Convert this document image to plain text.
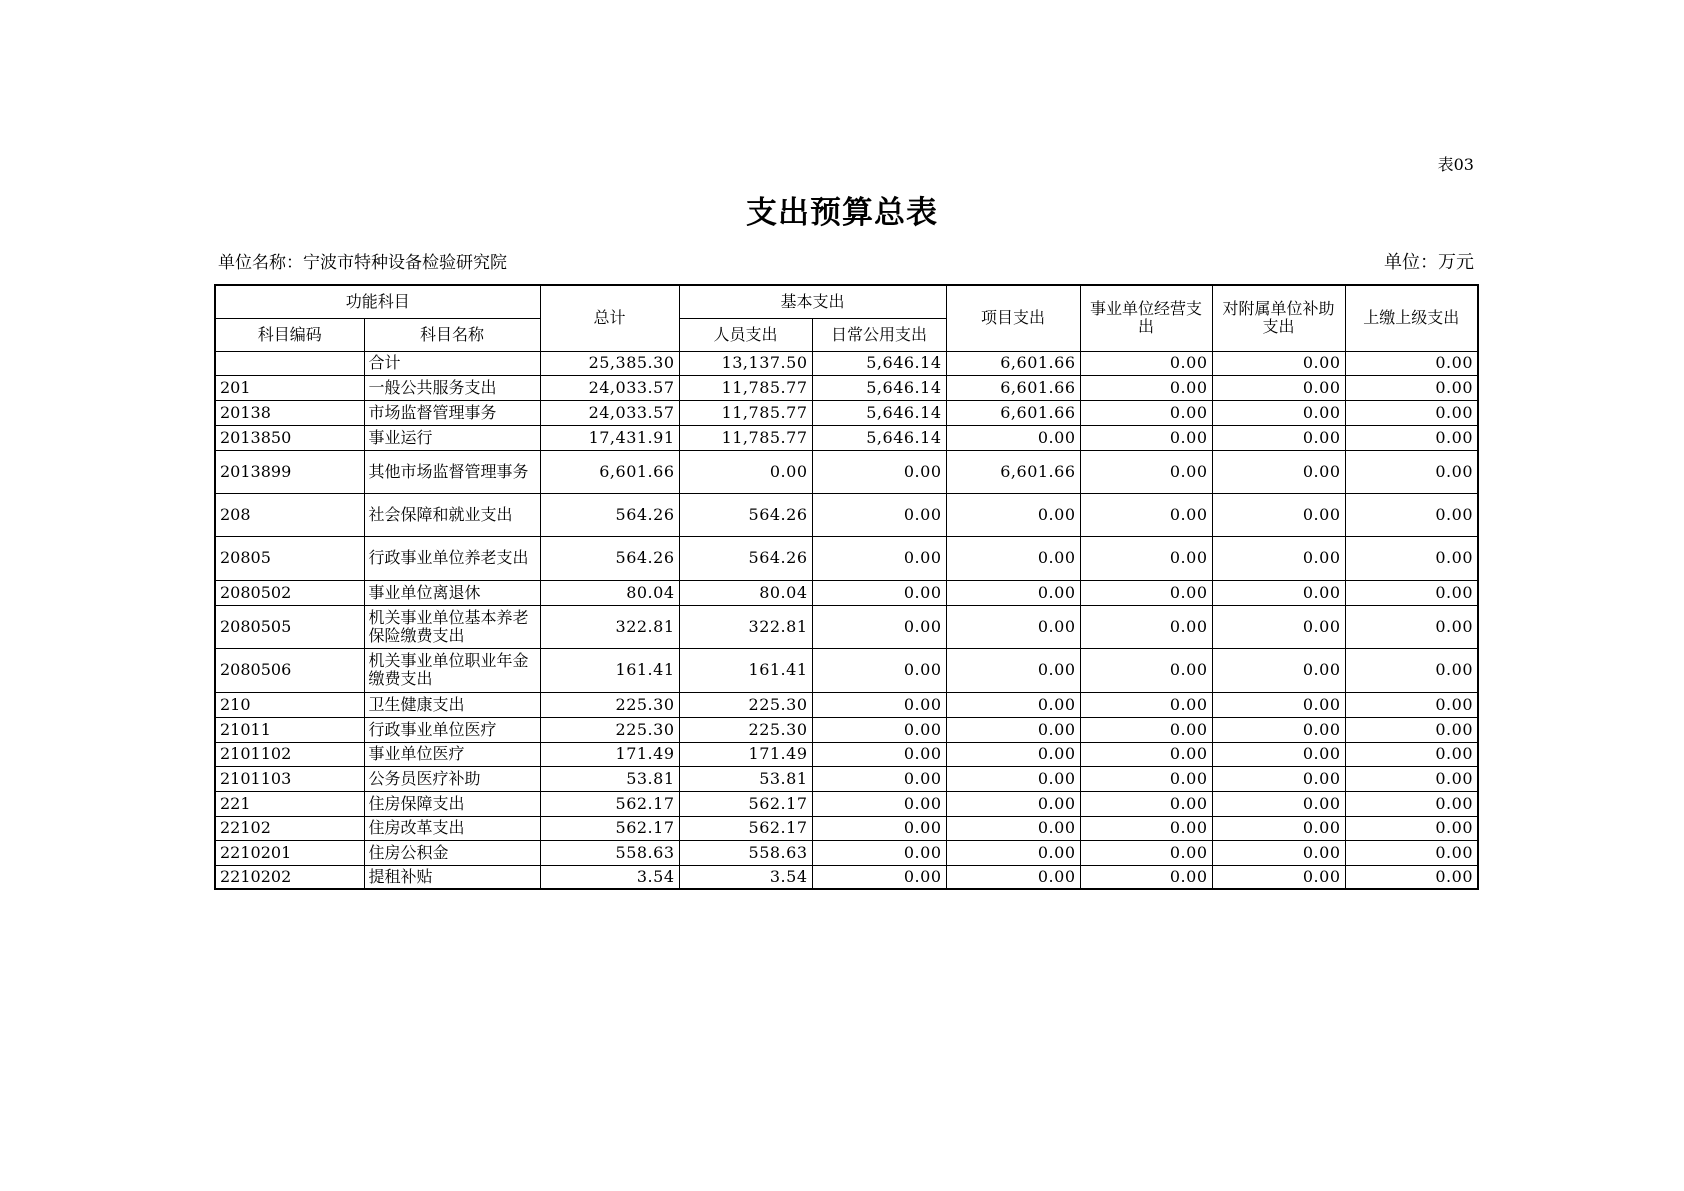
表03
支出预算总表
单位名称：宁波市特种设备检验研究院	单位：万元
功能科目		总计	基本支出		项目支出	事业单位经营支出	对附属单位补助支出	上缴上级支出
科目编码	科目名称		人员支出	日常公用支出				
	合计	25,385.30	13,137.50	5,646.14	6,601.66	0.00	0.00	0.00
201	一般公共服务支出	24,033.57	11,785.77	5,646.14	6,601.66	0.00	0.00	0.00
20138	市场监督管理事务	24,033.57	11,785.77	5,646.14	6,601.66	0.00	0.00	0.00
2013850	事业运行	17,431.91	11,785.77	5,646.14	0.00	0.00	0.00	0.00
2013899	其他市场监督管理事务	6,601.66	0.00	0.00	6,601.66	0.00	0.00	0.00
208	社会保障和就业支出	564.26	564.26	0.00	0.00	0.00	0.00	0.00
20805	行政事业单位养老支出	564.26	564.26	0.00	0.00	0.00	0.00	0.00
2080502	事业单位离退休	80.04	80.04	0.00	0.00	0.00	0.00	0.00
2080505	机关事业单位基本养老保险缴费支出	322.81	322.81	0.00	0.00	0.00	0.00	0.00
2080506	机关事业单位职业年金缴费支出	161.41	161.41	0.00	0.00	0.00	0.00	0.00
210	卫生健康支出	225.30	225.30	0.00	0.00	0.00	0.00	0.00
21011	行政事业单位医疗	225.30	225.30	0.00	0.00	0.00	0.00	0.00
2101102	事业单位医疗	171.49	171.49	0.00	0.00	0.00	0.00	0.00
2101103	公务员医疗补助	53.81	53.81	0.00	0.00	0.00	0.00	0.00
221	住房保障支出	562.17	562.17	0.00	0.00	0.00	0.00	0.00
22102	住房改革支出	562.17	562.17	0.00	0.00	0.00	0.00	0.00
2210201	住房公积金	558.63	558.63	0.00	0.00	0.00	0.00	0.00
2210202	提租补贴	3.54	3.54	0.00	0.00	0.00	0.00	0.00
